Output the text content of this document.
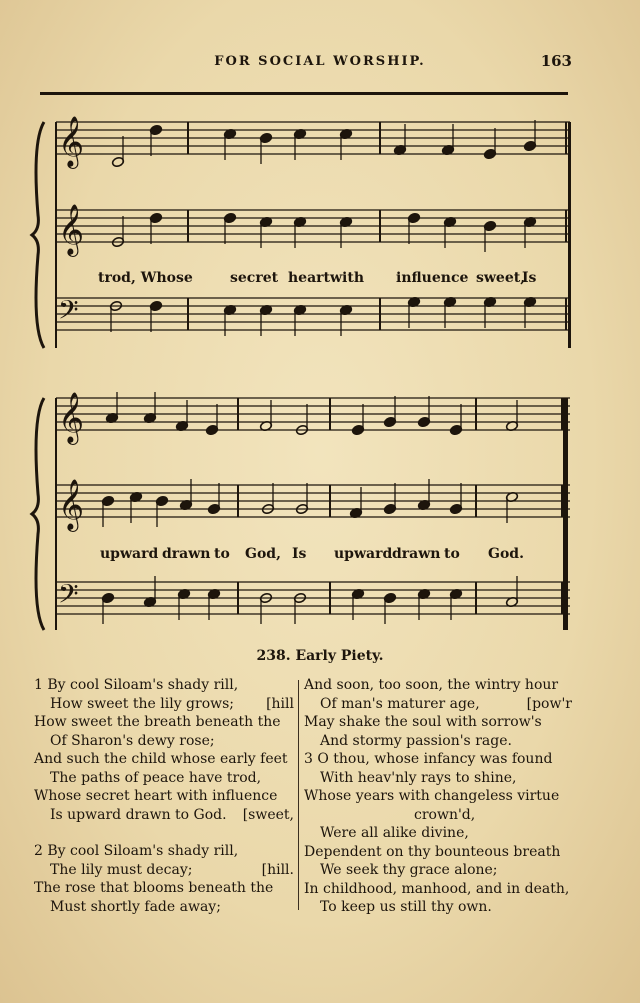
FOR SOCIAL WORSHIP.	163
𝄞
𝄞
𝄢
trod, Whose	secret heart with influence sweet,
Is
𝄞
𝄞
𝄢
upward drawn to God, Is upward drawn to God.
238. Early Piety.
1 By cool Siloam's shady rill,
How sweet the lily grows; [hill
How sweet the breath beneath the
Of Sharon's dewy rose;
And such the child whose early feet
The paths of peace have trod,
Whose secret heart with influence
Is upward drawn to God. [sweet,
2 By cool Siloam's shady rill,
The lily must decay;	[hill.
The rose that blooms beneath the
Must shortly fade away;
And soon, too soon, the wintry hour
Of man's maturer age,	[pow'r
May shake the soul with sorrow's
And stormy passion's rage.
3 O thou, whose infancy was found
With heav'nly rays to shine,
Whose years with changeless virtue
crown'd,
Were all alike divine,
Dependent on thy bounteous breath
We seek thy grace alone;
In childhood, manhood, and in death,
To keep us still thy own.
